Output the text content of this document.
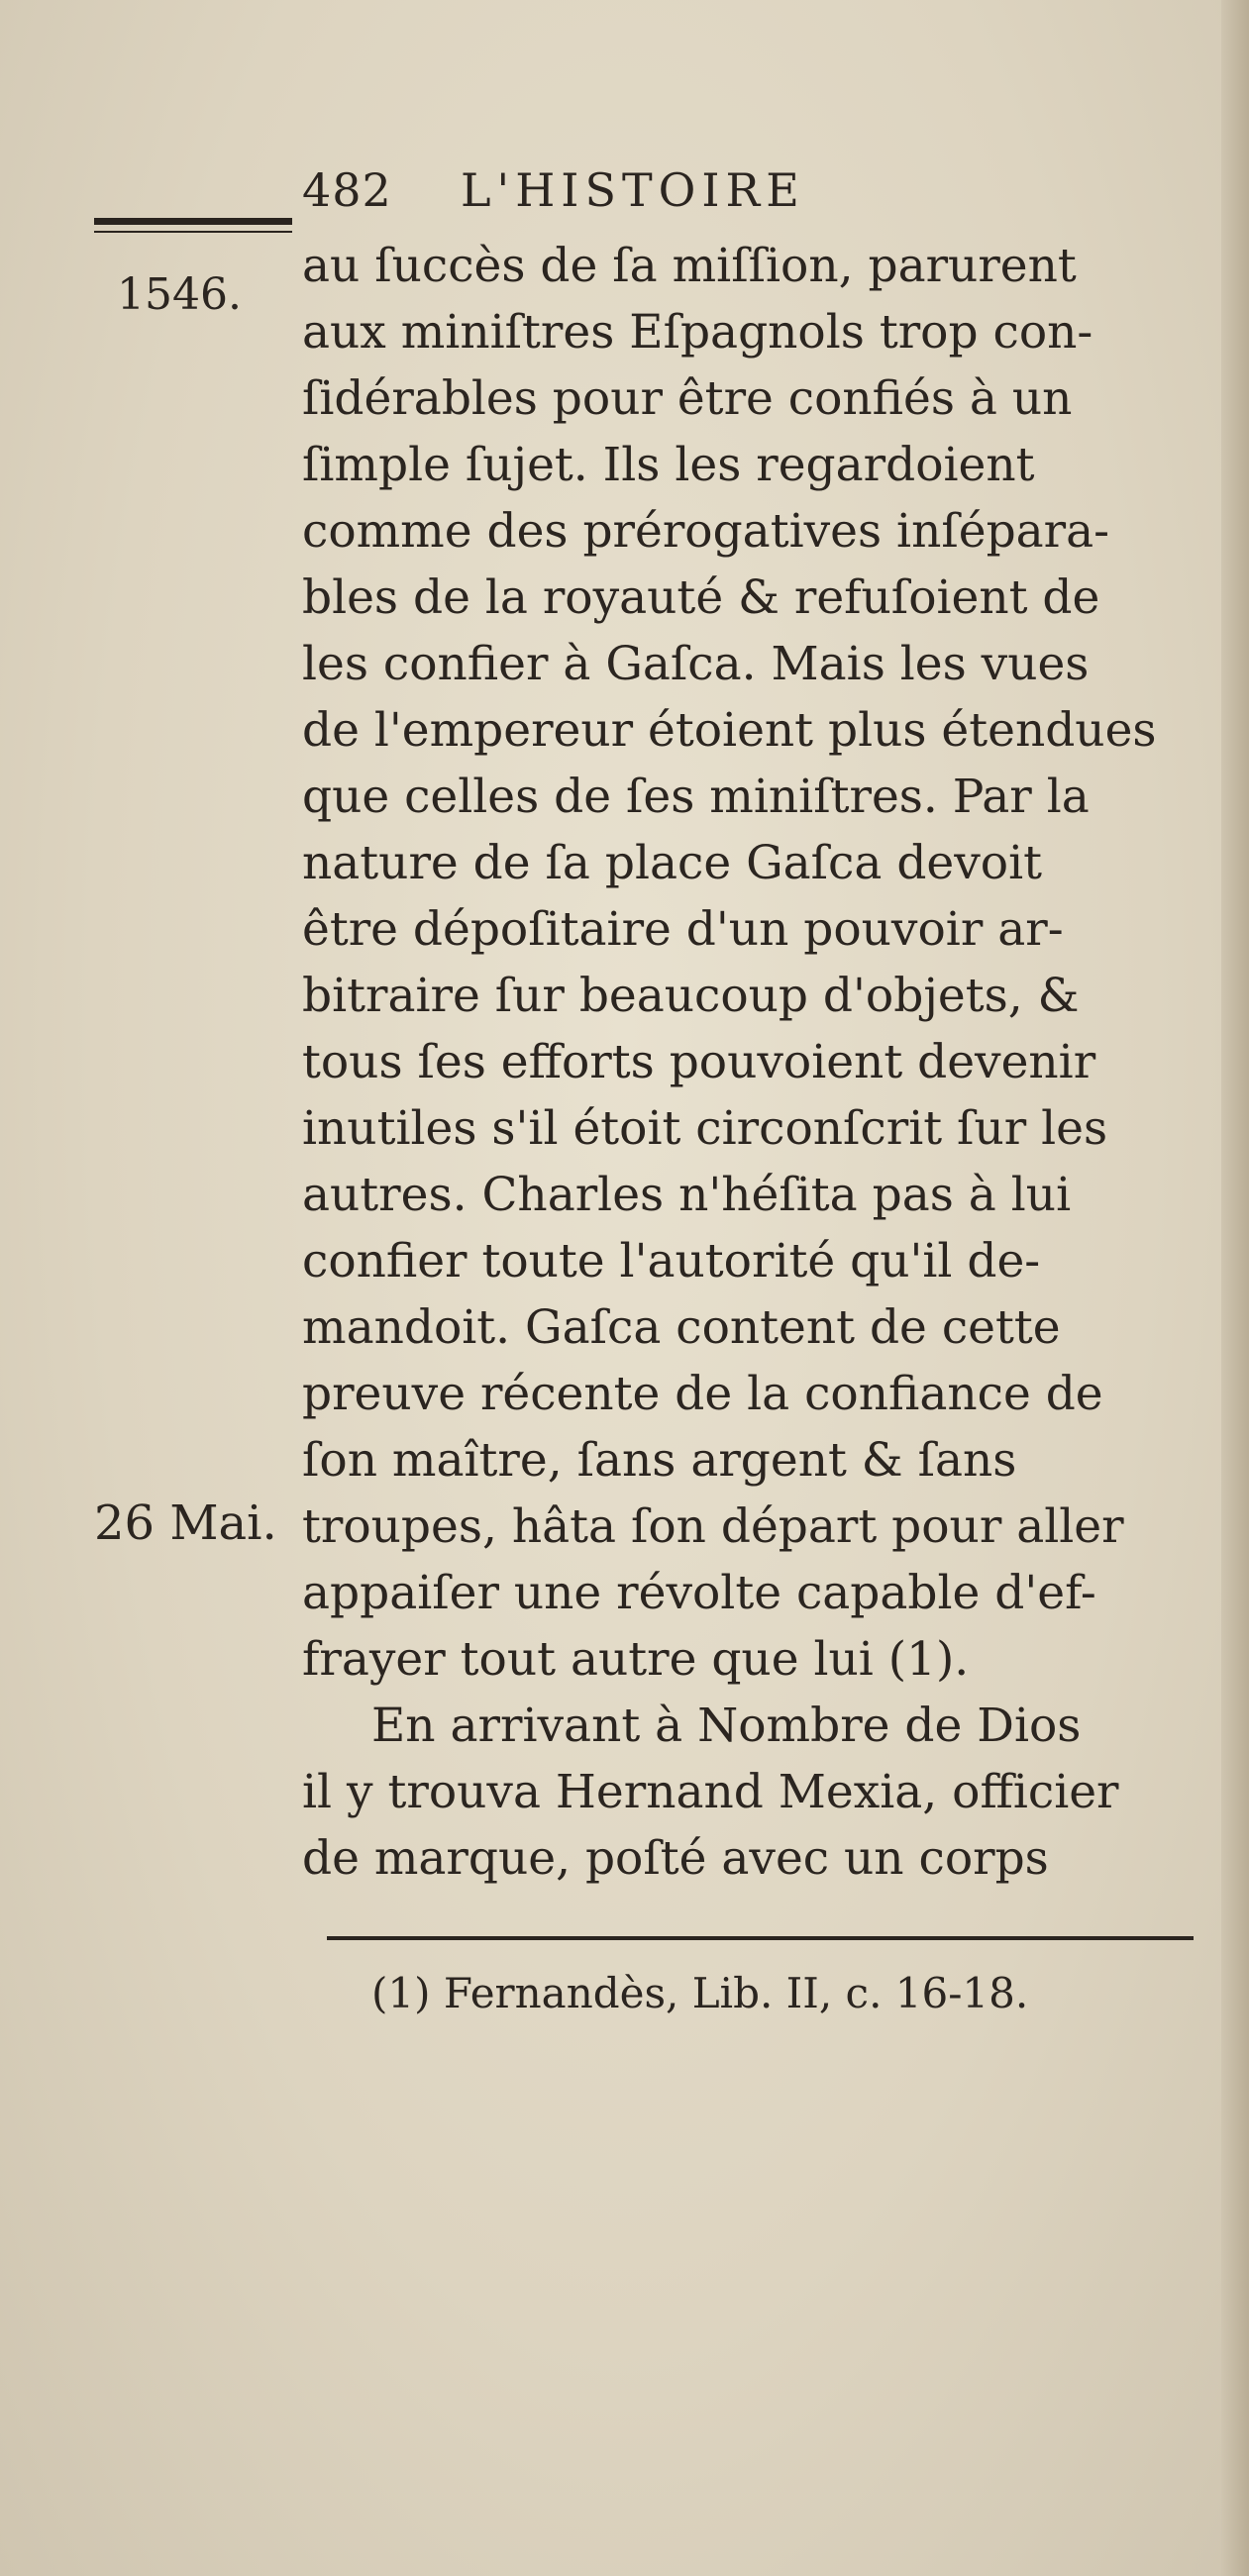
482 L'HISTOIRE
1546.
26 Mai.
au ſuccès de ſa miſſion, parurent
aux miniſtres Eſpagnols trop con-
ſidérables pour être confiés à un
ſimple ſujet. Ils les regardoient
comme des prérogatives inſépara-
bles de la royauté & refuſoient de
les confier à Gaſca. Mais les vues
de l'empereur étoient plus étendues
que celles de ſes miniſtres. Par la
nature de ſa place Gaſca devoit
être dépoſitaire d'un pouvoir ar-
bitraire ſur beaucoup d'objets, &
tous ſes efforts pouvoient devenir
inutiles s'il étoit circonſcrit ſur les
autres. Charles n'héſita pas à lui
confier toute l'autorité qu'il de-
mandoit. Gaſca content de cette
preuve récente de la confiance de
ſon maître, ſans argent & ſans
troupes, hâta ſon départ pour aller
appaiſer une révolte capable d'ef-
frayer tout autre que lui (1).
En arrivant à Nombre de Dios
il y trouva Hernand Mexia, officier
de marque, poſté avec un corps
(1) Fernandès, Lib. II, c. 16-18.
